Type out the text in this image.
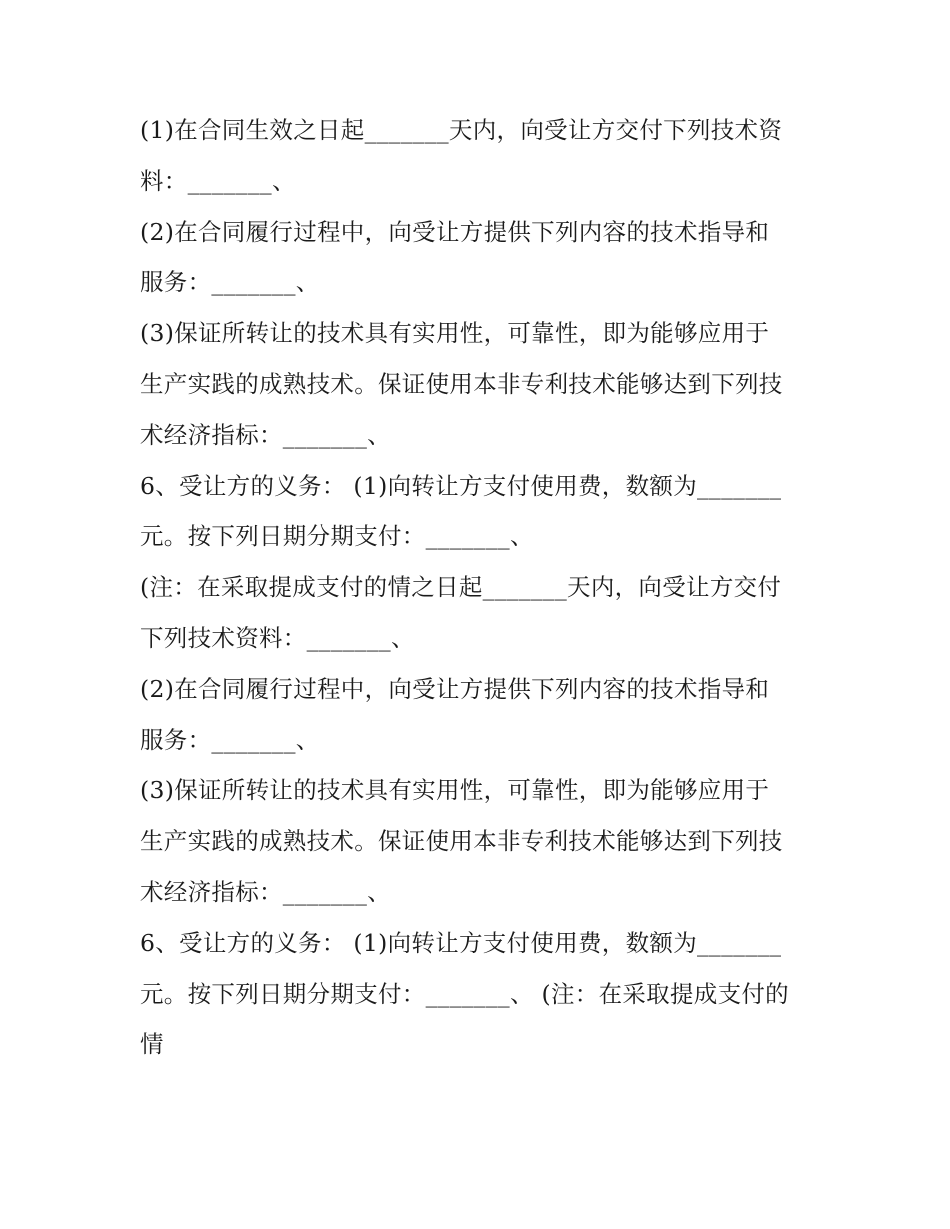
(1)在合同生效之日起_______天内，向受让方交付下列技术资
料：_______、
(2)在合同履行过程中，向受让方提供下列内容的技术指导和
服务：_______、
(3)保证所转让的技术具有实用性，可靠性，即为能够应用于
生产实践的成熟技术。保证使用本非专利技术能够达到下列技
术经济指标：_______、
6、受让方的义务： (1)向转让方支付使用费，数额为_______
元。按下列日期分期支付：_______、
(注：在采取提成支付的情之日起_______天内，向受让方交付
下列技术资料：_______、
(2)在合同履行过程中，向受让方提供下列内容的技术指导和
服务：_______、
(3)保证所转让的技术具有实用性，可靠性，即为能够应用于
生产实践的成熟技术。保证使用本非专利技术能够达到下列技
术经济指标：_______、
6、受让方的义务： (1)向转让方支付使用费，数额为_______
元。按下列日期分期支付：_______、 (注：在采取提成支付的
情
